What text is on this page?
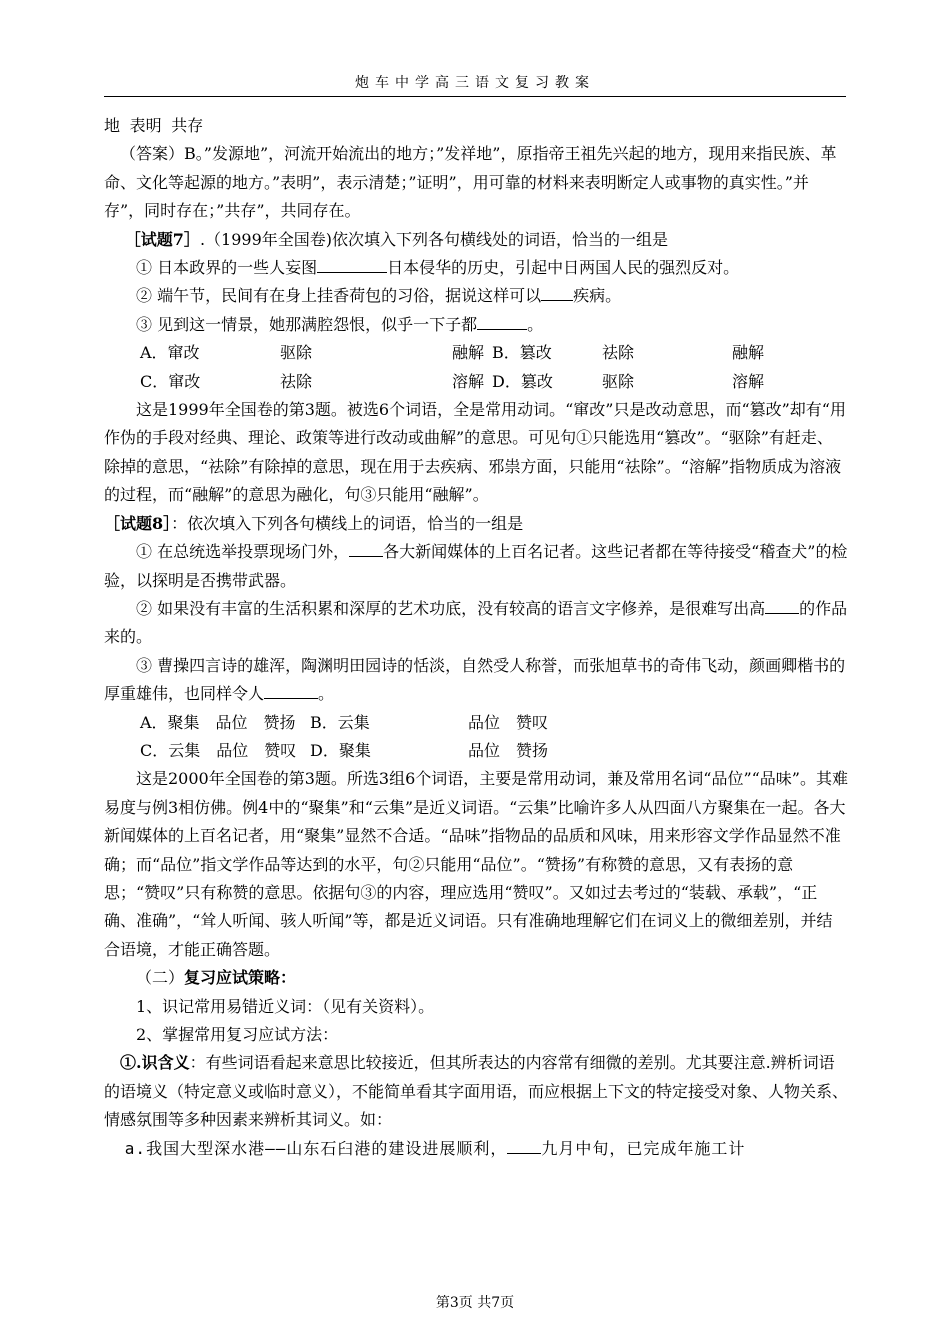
炮车中学高三语文复习教案

地 表明 共存

（答案）B。”发源地”，河流开始流出的地方；”发祥地”，原指帝王祖先兴起的地方，现用来指民族、革命、文化等起源的地方。”表明”，表示清楚；”证明”，用可靠的材料来表明断定人或事物的真实性。”并存”，同时存在；”共存”，共同存在。

［试题7］.（1999年全国卷)依次填入下列各句横线处的词语，恰当的一组是

① 日本政界的一些人妄图	日本侵华的历史，引起中日两国人民的强烈反对。

② 端午节，民间有在身上挂香荷包的习俗，据说这样可以 疾病。

③ 见到这一情景，她那满腔怨恨，似乎一下子都	。

A．窜改	驱除	融解 B．篡改	祛除	融解
C．窜改	祛除	溶解 D．篡改	驱除	溶解

这是1999年全国卷的第3题。被选6个词语，全是常用动词。“窜改”只是改动意思，而“篡改”却有“用作伪的手段对经典、理论、政策等进行改动或曲解”的意思。可见句①只能选用“篡改”。“驱除”有赶走、除掉的意思，“祛除”有除掉的意思，现在用于去疾病、邪祟方面，只能用“祛除”。“溶解”指物质成为溶液的过程，而“融解”的意思为融化，句③只能用“融解”。

［试题8］：依次填入下列各句横线上的词语，恰当的一组是

① 在总统选举投票现场门外， 各大新闻媒体的上百名记者。这些记者都在等待接受“稽查犬”的检验，以探明是否携带武器。

② 如果没有丰富的生活积累和深厚的艺术功底，没有较高的语言文字修养，是很难写出高 的作品来的。

③ 曹操四言诗的雄浑，陶渊明田园诗的恬淡，自然受人称誉，而张旭草书的奇伟飞动，颜画卿楷书的厚重雄伟，也同样令人	。

A．聚集　品位　赞扬 B．云集	品位　赞叹
C．云集　品位　赞叹 D．聚集	品位　赞扬

这是2000年全国卷的第3题。所选3组6个词语，主要是常用动词，兼及常用名词“品位”“品味”。其难易度与例3相仿佛。例4中的“聚集”和“云集”是近义词语。“云集”比喻许多人从四面八方聚集在一起。各大新闻媒体的上百名记者，用“聚集”显然不合适。“品味”指物品的品质和风味，用来形容文学作品显然不准确；而“品位”指文学作品等达到的水平，句②只能用“品位”。“赞扬”有称赞的意思，又有表扬的意思；“赞叹”只有称赞的意思。依据句③的内容，理应选用“赞叹”。又如过去考过的“装载、承载”，“正确、准确”，“耸人听闻、骇人听闻”等，都是近义词语。只有准确地理解它们在词义上的微细差别，并结合语境，才能正确答题。

（二）复习应试策略：

1、识记常用易错近义词：（见有关资料）。

2、掌握常用复习应试方法：

①.识含义：有些词语看起来意思比较接近，但其所表达的内容常有细微的差别。尤其要注意.辨析词语的语境义（特定意义或临时意义），不能简单看其字面用语，而应根据上下文的特定接受对象、人物关系、情感氛围等多种因素来辨析其词义。如：

a.我国大型深水港——山东石臼港的建设进展顺利， 九月中旬，已完成年施工计

第3页 共7页
